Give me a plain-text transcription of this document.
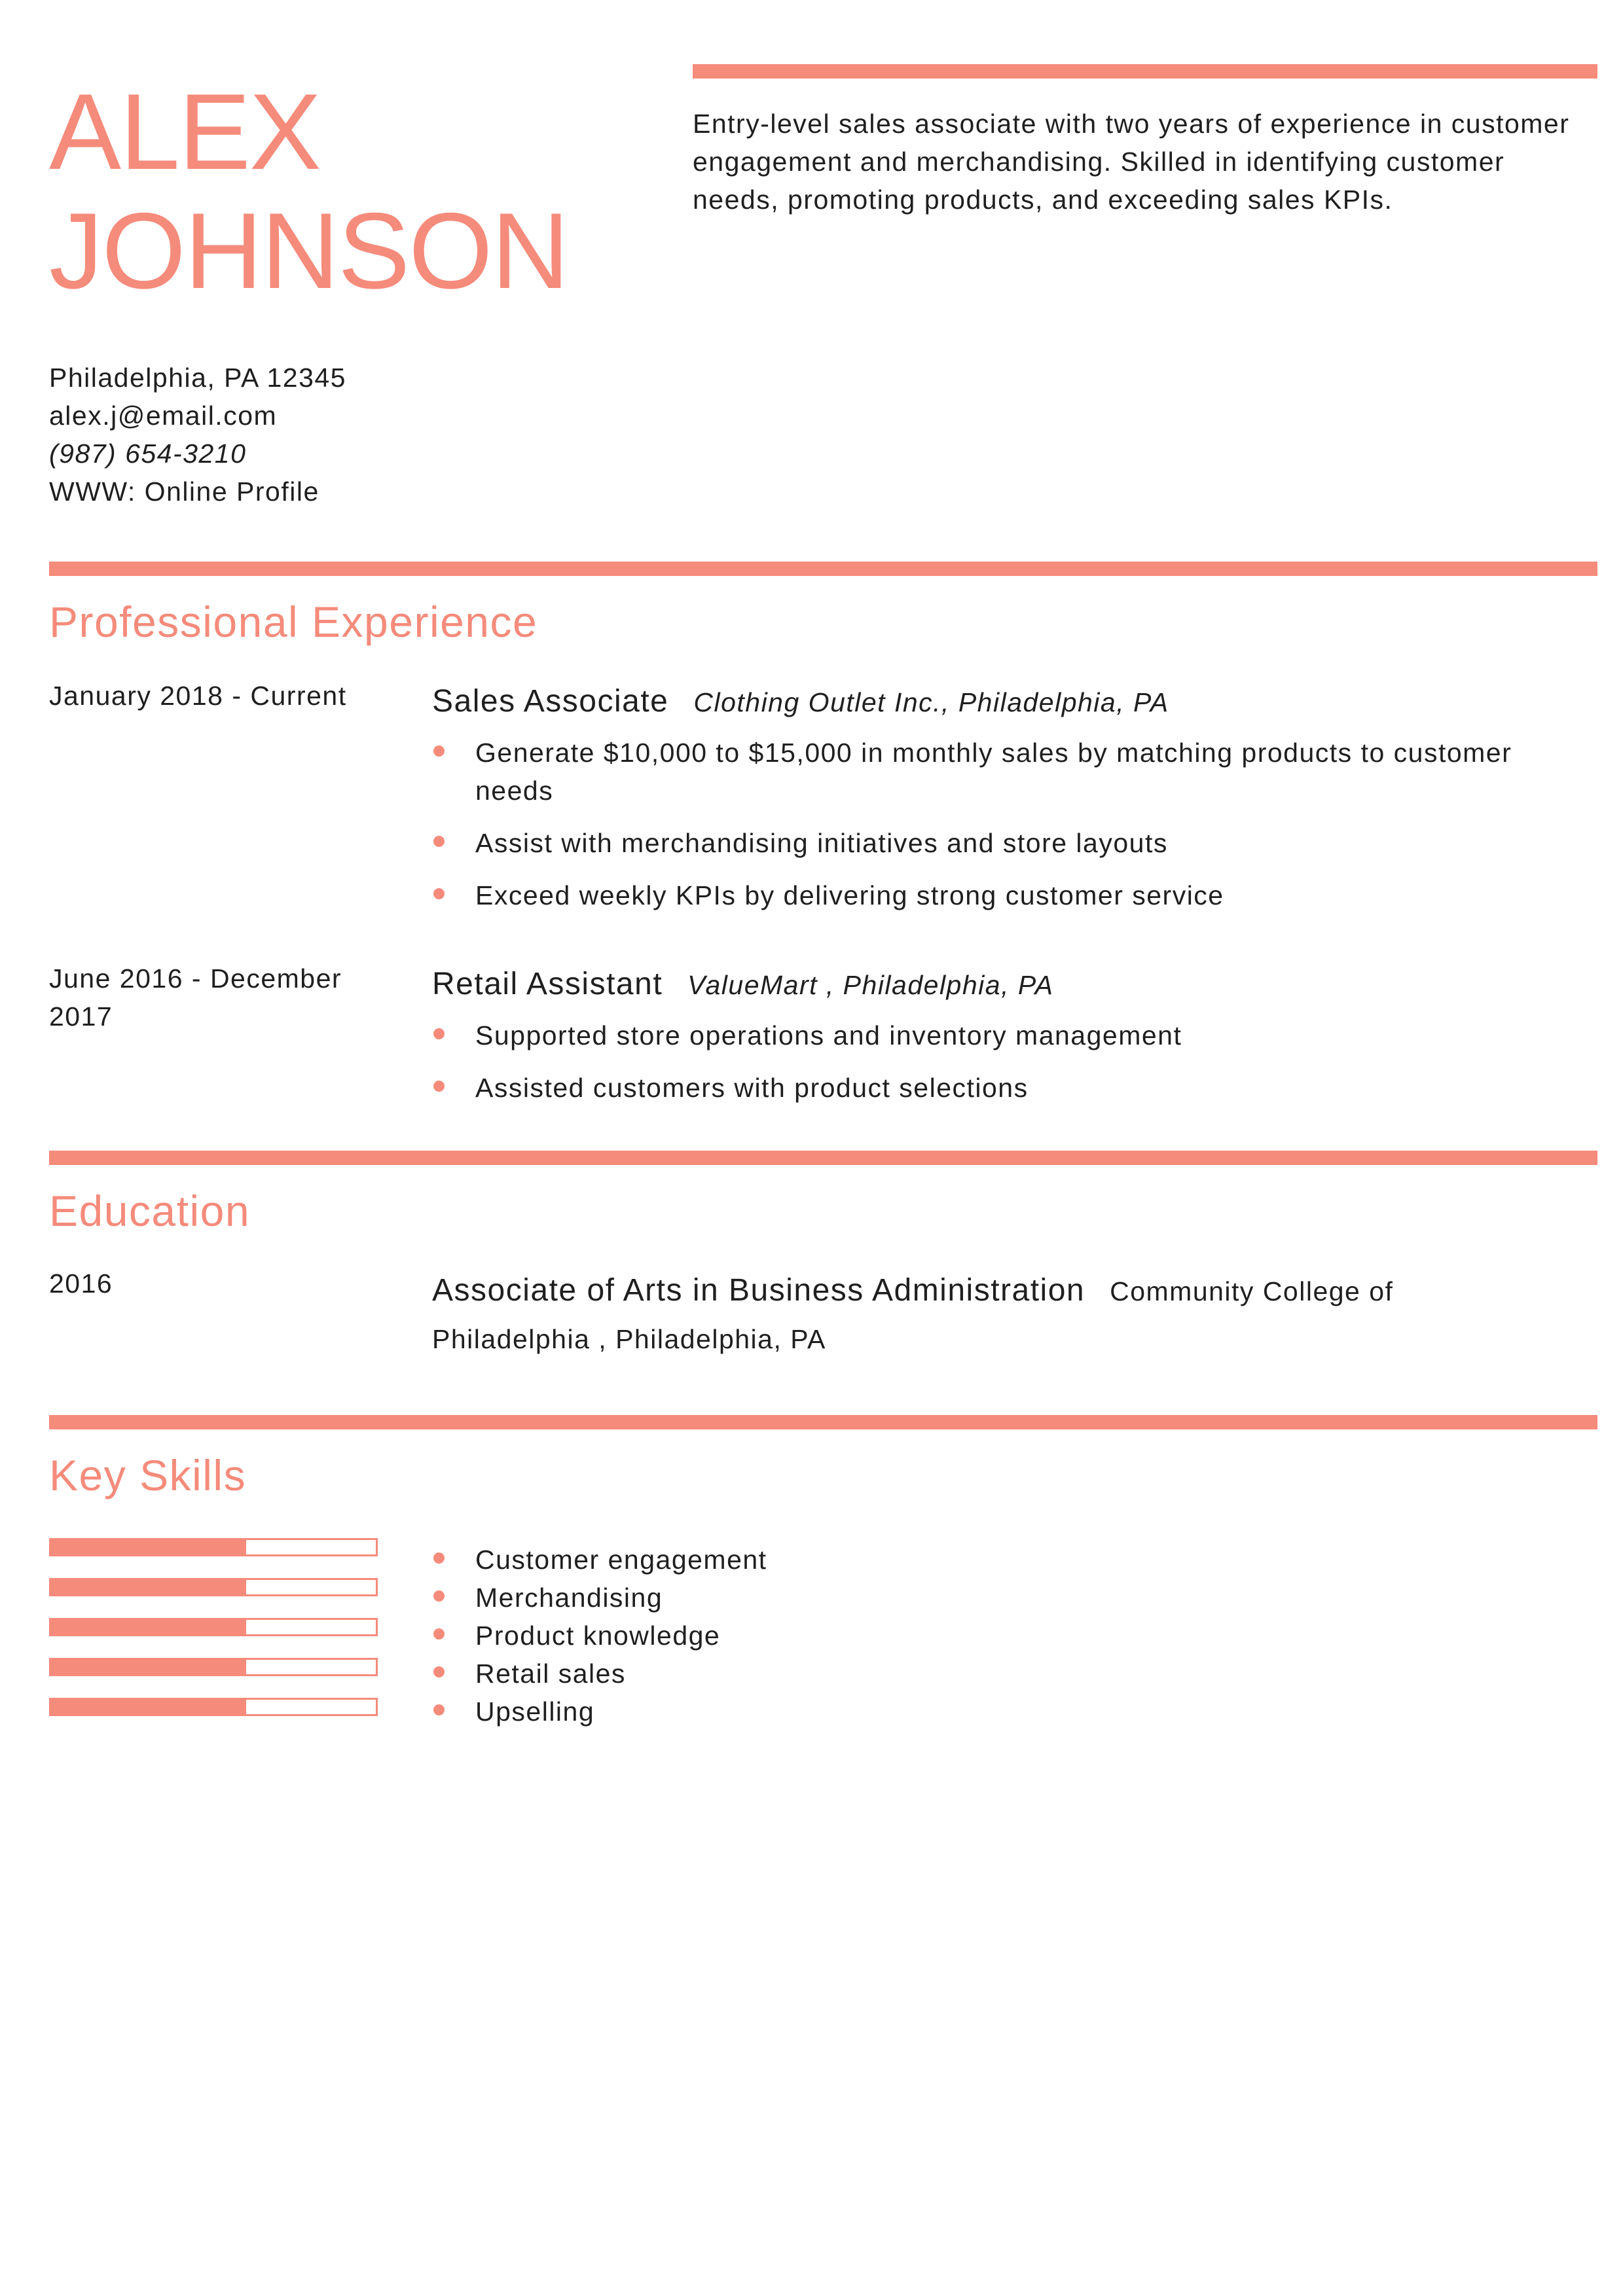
ALEX
JOHNSON
Entry-level sales associate with two years of experience in customer engagement and merchandising. Skilled in identifying customer needs, promoting products, and exceeding sales KPIs.
Philadelphia, PA 12345
alex.j@email.com
(987) 654-3210
WWW: Online Profile
Professional Experience
January 2018 - Current	Sales Associate Clothing Outlet Inc., Philadelphia, PA
Generate $10,000 to $15,000 in monthly sales by matching products to customer needs
Assist with merchandising initiatives and store layouts
Exceed weekly KPIs by delivering strong customer service
June 2016 - December 2017
Retail Assistant ValueMart , Philadelphia, PA
Supported store operations and inventory management
Assisted customers with product selections
Education
2016	Associate of Arts in Business Administration Community College of Philadelphia , Philadelphia, PA
Key Skills
Customer engagement
Merchandising
Product knowledge
Retail sales
Upselling
